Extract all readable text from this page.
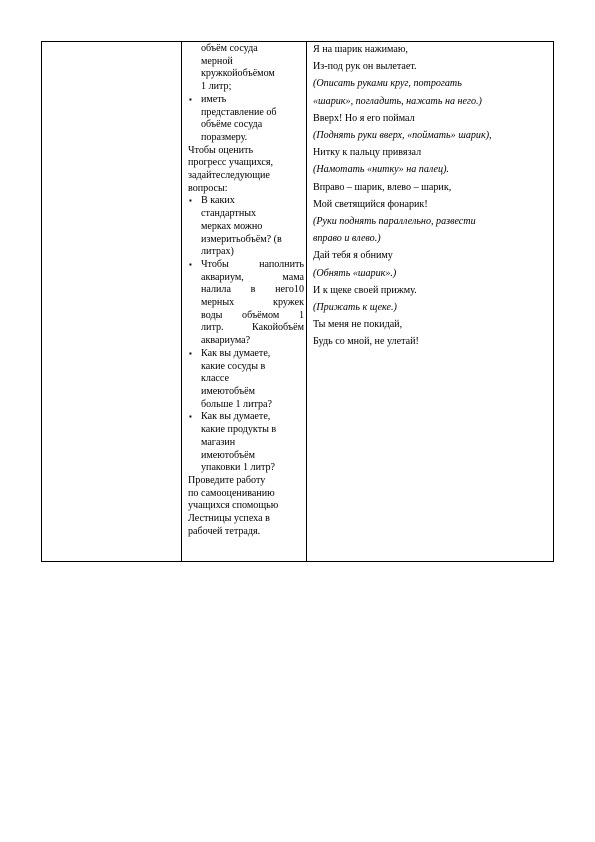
объём сосуда
мерной
кружкойобъёмом
1 литр;
▪ иметь
представление об
объёме сосуда
поразмеру.
Чтобы оценить
прогресс учащихся,
задайтеследующие
вопросы:
▪ В каких
стандартных
мерках можно
измеритьобъём? (в
литрах)
▪ Чтобы наполнить
аквариум, мама
налила в него10
мерных кружек
воды объёмом 1
литр. Какойобъём
аквариума?
▪ Как вы думаете,
какие сосуды в
классе
имеютобъём
больше 1 литра?
▪ Как вы думаете,
какие продукты в
магазин
имеютобъём
упаковки 1 литр?
Проведите работу
по самооцениванию
учащихся спомощью
Лестницы успеха в
рабочей тетрадя.
Я на шарик нажимаю,
Из-под рук он вылетает.
(Описать руками круг, потрогать
«шарик», погладить, нажать на него.)
Вверх! Но я его поймал
(Поднять руки вверх, «поймать» шарик),
Нитку к пальцу привязал
(Намотать «нитку» на палец).
Вправо – шарик, влево – шарик,
Мой светящийся фонарик!
(Руки поднять параллельно, развести
вправо и влево.)
Дай тебя я обниму
(Обнять «шарик».)
И к щеке своей прижму.
(Прижать к щеке.)
Ты меня не покидай,
Будь со мной, не улетай!
